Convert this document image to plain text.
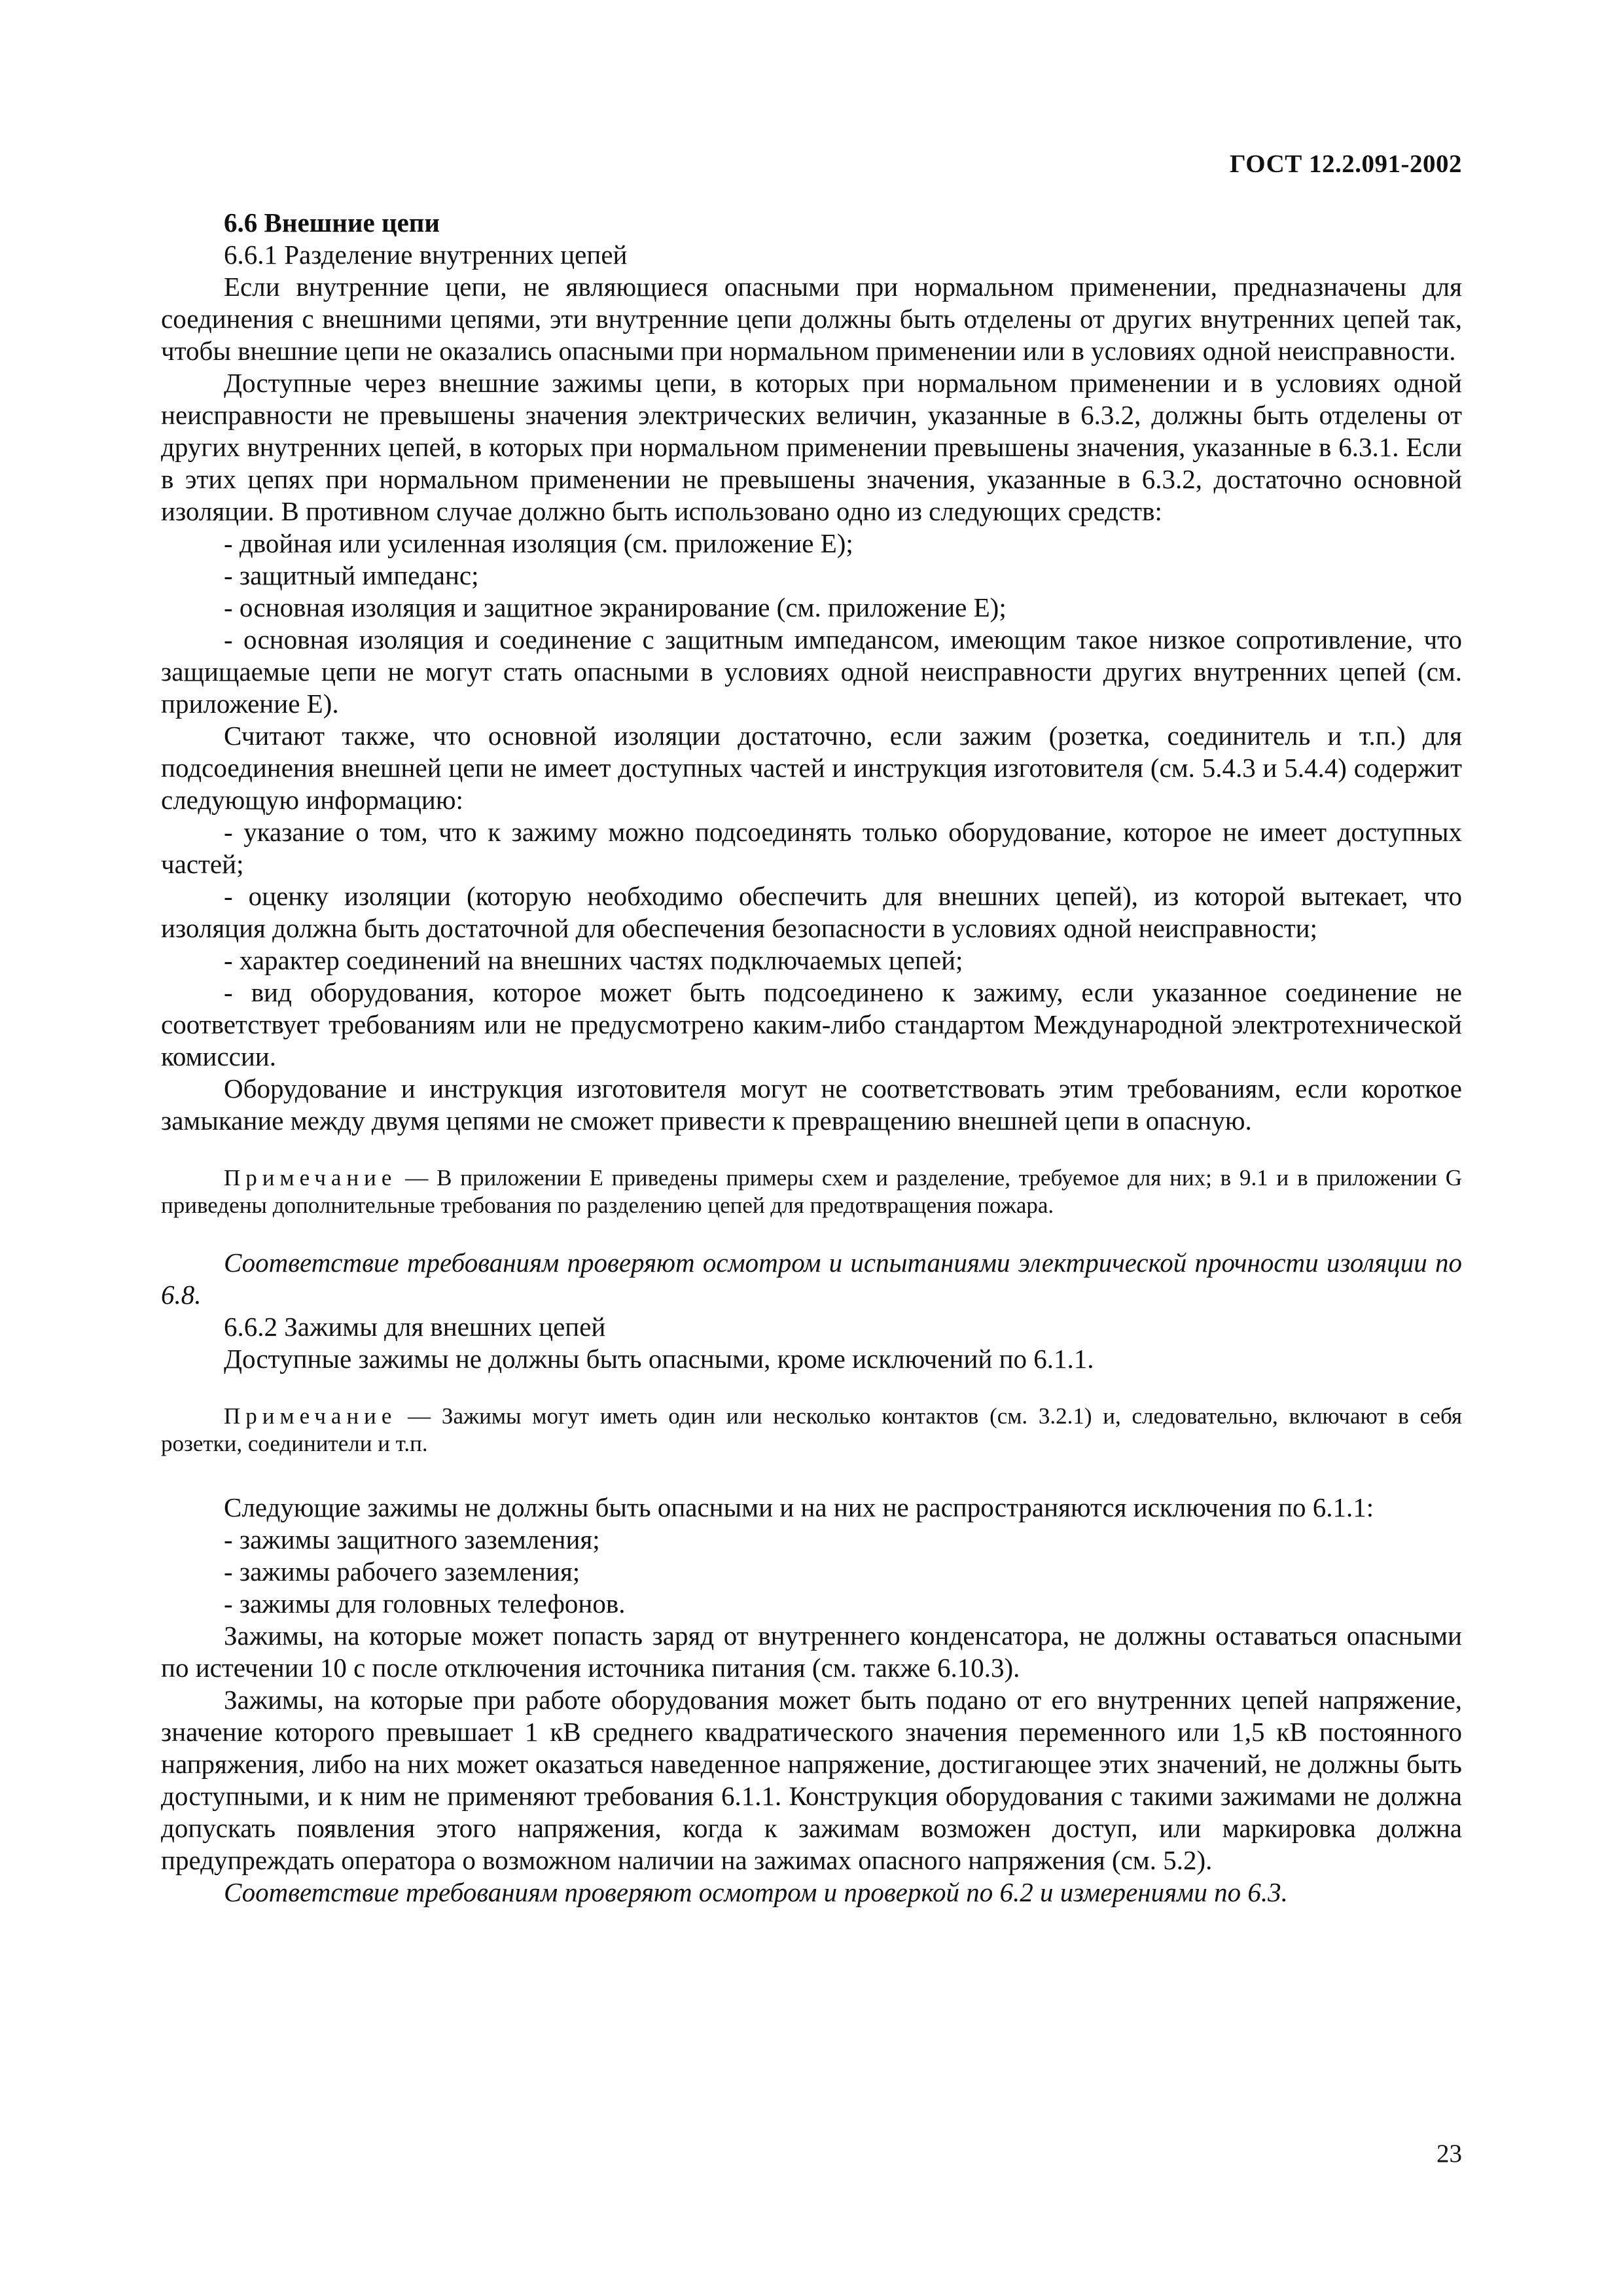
ГОСТ 12.2.091-2002

6.6 Внешние цепи

6.6.1 Разделение внутренних цепей

Если внутренние цепи, не являющиеся опасными при нормальном применении, предназначены для соединения с внешними цепями, эти внутренние цепи должны быть отделены от других внутренних цепей так, чтобы внешние цепи не оказались опасными при нормальном применении или в условиях одной неисправности.

Доступные через внешние зажимы цепи, в которых при нормальном применении и в условиях одной неисправности не превышены значения электрических величин, указанные в 6.3.2, должны быть отделены от других внутренних цепей, в которых при нормальном применении превышены значения, указанные в 6.3.1. Если в этих цепях при нормальном применении не превышены значения, указанные в 6.3.2, достаточно основной изоляции. В противном случае должно быть использовано одно из следующих средств:

- двойная или усиленная изоляция (см. приложение Е);

- защитный импеданс;

- основная изоляция и защитное экранирование (см. приложение Е);

- основная изоляция и соединение с защитным импедансом, имеющим такое низкое сопротивление, что защищаемые цепи не могут стать опасными в условиях одной неисправности других внутренних цепей (см. приложение Е).

Считают также, что основной изоляции достаточно, если зажим (розетка, соединитель и т.п.) для подсоединения внешней цепи не имеет доступных частей и инструкция изготовителя (см. 5.4.3 и 5.4.4) содержит следующую информацию:

- указание о том, что к зажиму можно подсоединять только оборудование, которое не имеет доступных частей;

- оценку изоляции (которую необходимо обеспечить для внешних цепей), из которой вытекает, что изоляция должна быть достаточной для обеспечения безопасности в условиях одной неисправности;

- характер соединений на внешних частях подключаемых цепей;

- вид оборудования, которое может быть подсоединено к зажиму, если указанное соединение не соответствует требованиям или не предусмотрено каким-либо стандартом Международной электротехнической комиссии.

Оборудование и инструкция изготовителя могут не соответствовать этим требованиям, если короткое замыкание между двумя цепями не сможет привести к превращению внешней цепи в опасную.

Примечание — В приложении Е приведены примеры схем и разделение, требуемое для них; в 9.1 и в приложении G приведены дополнительные требования по разделению цепей для предотвращения пожара.

Соответствие требованиям проверяют осмотром и испытаниями электрической прочности изоляции по 6.8.

6.6.2 Зажимы для внешних цепей

Доступные зажимы не должны быть опасными, кроме исключений по 6.1.1.

Примечание — Зажимы могут иметь один или несколько контактов (см. 3.2.1) и, следовательно, включают в себя розетки, соединители и т.п.

Следующие зажимы не должны быть опасными и на них не распространяются исключения по 6.1.1:

- зажимы защитного заземления;

- зажимы рабочего заземления;

- зажимы для головных телефонов.

Зажимы, на которые может попасть заряд от внутреннего конденсатора, не должны оставаться опасными по истечении 10 с после отключения источника питания (см. также 6.10.3).

Зажимы, на которые при работе оборудования может быть подано от его внутренних цепей напряжение, значение которого превышает 1 кВ среднего квадратического значения переменного или 1,5 кВ постоянного напряжения, либо на них может оказаться наведенное напряжение, достигающее этих значений, не должны быть доступными, и к ним не применяют требования 6.1.1. Конструкция оборудования с такими зажимами не должна допускать появления этого напряжения, когда к зажимам возможен доступ, или маркировка должна предупреждать оператора о возможном наличии на зажимах опасного напряжения (см. 5.2).

Соответствие требованиям проверяют осмотром и проверкой по 6.2 и измерениями по 6.3.

23
